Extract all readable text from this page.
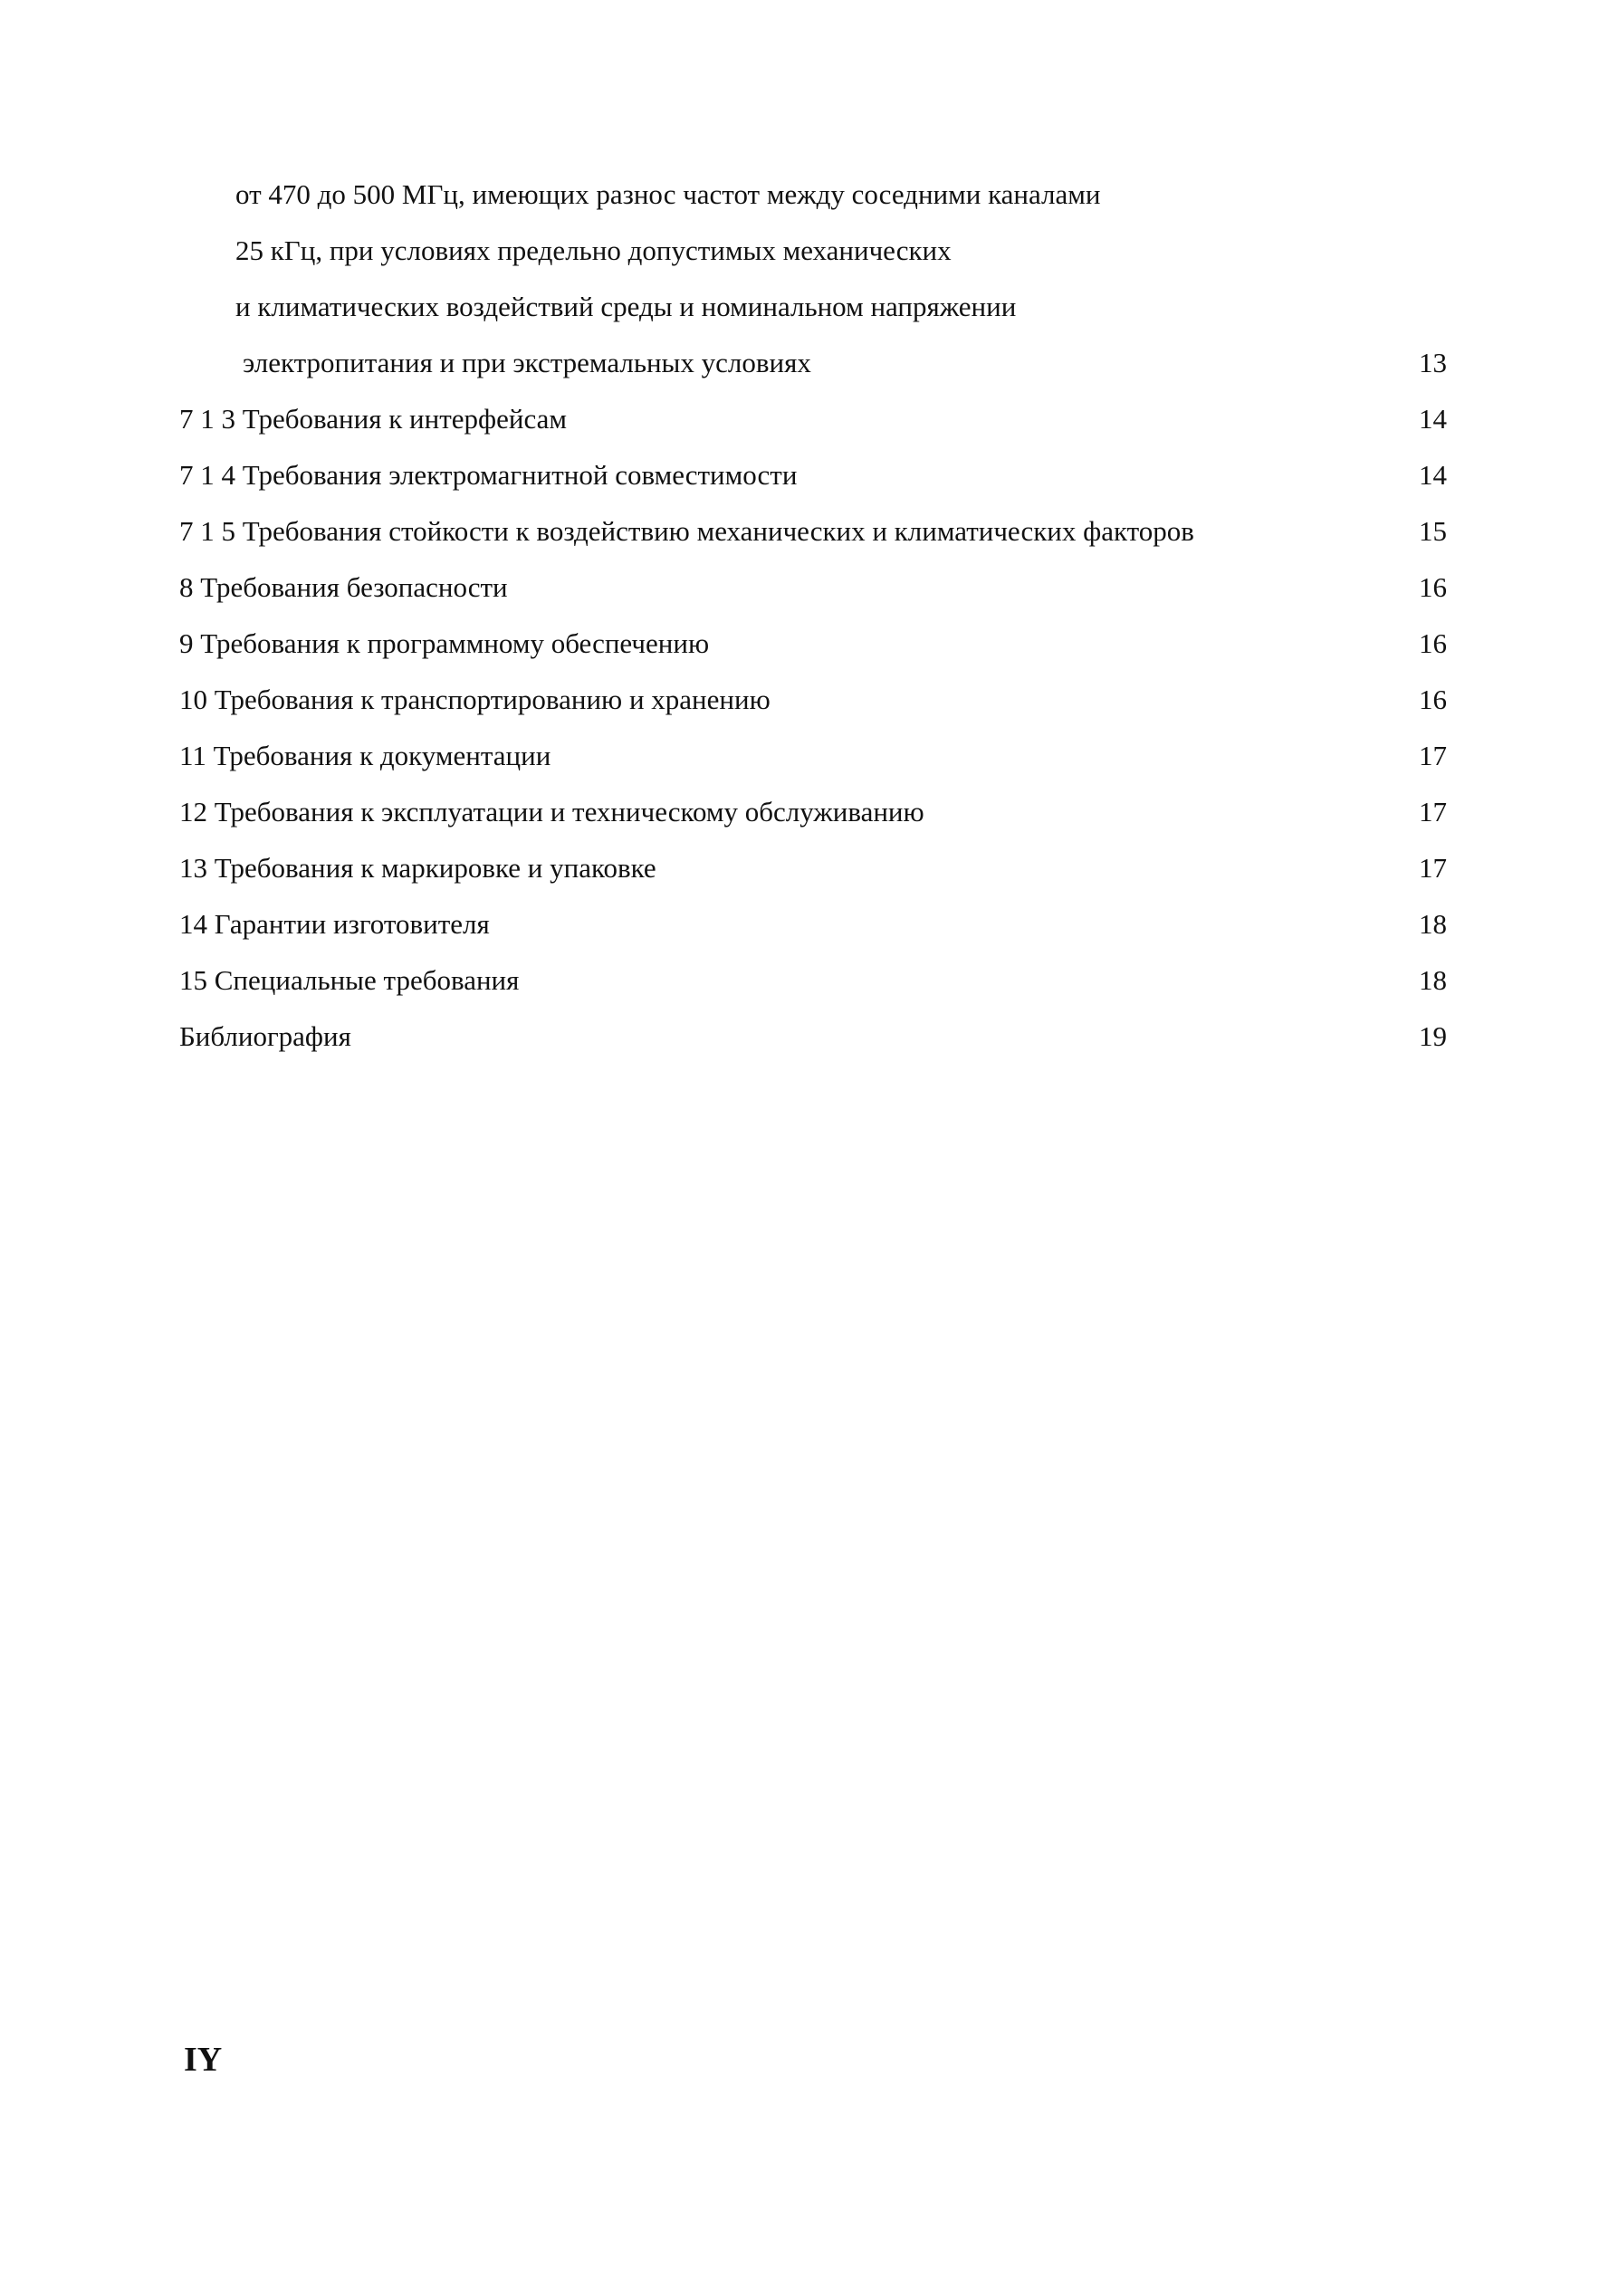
от 470 до 500 МГц, имеющих разнос частот между соседними каналами
25 кГц, при условиях предельно допустимых механических
и климатических воздействий среды и номинальном напряжении
электропитания и при экстремальных условиях	13
7 1 3 Требования к интерфейсам	14
7 1 4 Требования электромагнитной совместимости	14
7 1 5 Требования стойкости к воздействию механических и климатических факторов	15
8 Требования безопасности	16
9 Требования к программному обеспечению	16
10 Требования к транспортированию и хранению	16
11 Требования к документации	17
12 Требования к эксплуатации и техническому обслуживанию	17
13 Требования к маркировке и упаковке	17
14 Гарантии изготовителя	18
15 Специальные требования	18
Библиография	19
IY
